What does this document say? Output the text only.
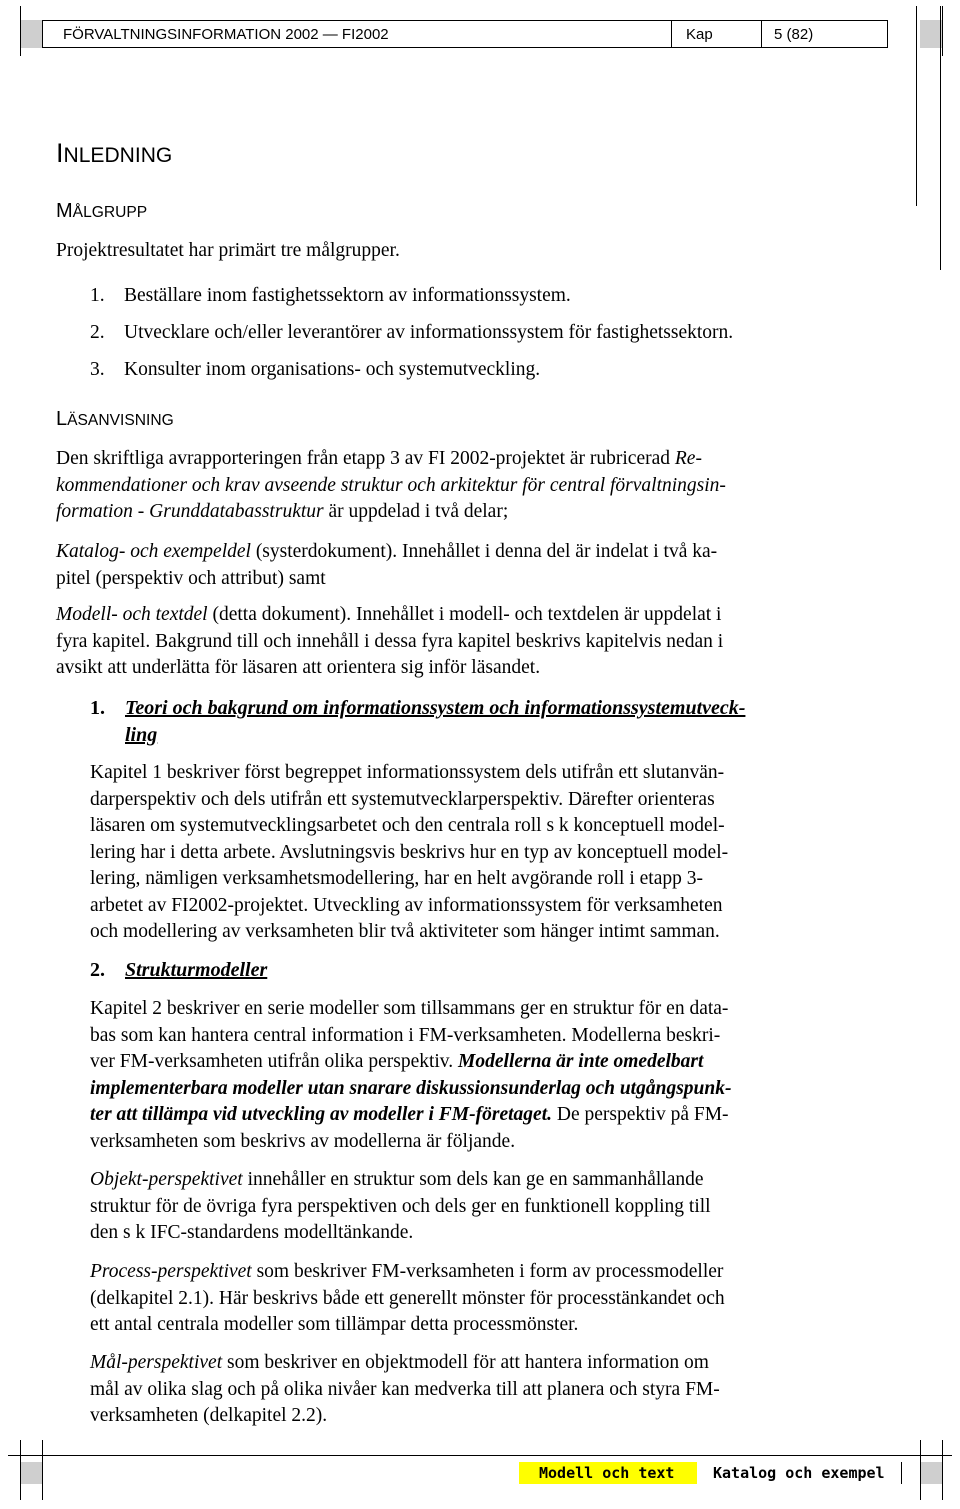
FÖRVALTNINGSINFORMATION 2002 — FI2002	Kap	5 (82)
INLEDNING
MÅLGRUPP
Projektresultatet har primärt tre målgrupper.
1. Beställare inom fastighetssektorn av informationssystem.
2. Utvecklare och/eller leverantörer av informationssystem för fastighetssektorn.
3. Konsulter inom organisations- och systemutveckling.
LÄSANVISNING
Den skriftliga avrapporteringen från etapp 3 av FI 2002-projektet är rubricerad Re-
kommendationer och krav avseende struktur och arkitektur för central förvaltningsin-
formation - Grunddatabasstruktur är uppdelad i två delar;
Katalog- och exempeldel (systerdokument). Innehållet i denna del är indelat i två ka-
pitel (perspektiv och attribut) samt
Modell- och textdel (detta dokument). Innehållet i modell- och textdelen är uppdelat i
fyra kapitel. Bakgrund till och innehåll i dessa fyra kapitel beskrivs kapitelvis nedan i
avsikt att underlätta för läsaren att orientera sig inför läsandet.
1. Teori och bakgrund om informationssystem och informationssystemutveck-
ling
Kapitel 1 beskriver först begreppet informationssystem dels utifrån ett slutanvän-
darperspektiv och dels utifrån ett systemutvecklarperspektiv. Därefter orienteras
läsaren om systemutvecklingsarbetet och den centrala roll s k konceptuell model-
lering har i detta arbete. Avslutningsvis beskrivs hur en typ av konceptuell model-
lering, nämligen verksamhetsmodellering, har en helt avgörande roll i etapp 3-
arbetet av FI2002-projektet. Utveckling av informationssystem för verksamheten
och modellering av verksamheten blir två aktiviteter som hänger intimt samman.
2. Strukturmodeller
Kapitel 2 beskriver en serie modeller som tillsammans ger en struktur för en data-
bas som kan hantera central information i FM-verksamheten. Modellerna beskri-
ver FM-verksamheten utifrån olika perspektiv. Modellerna är inte omedelbart
implementerbara modeller utan snarare diskussionsunderlag och utgångspunk-
ter att tillämpa vid utveckling av modeller i FM-företaget. De perspektiv på FM-
verksamheten som beskrivs av modellerna är följande.
Objekt-perspektivet innehåller en struktur som dels kan ge en sammanhållande
struktur för de övriga fyra perspektiven och dels ger en funktionell koppling till
den s k IFC-standardens modelltänkande.
Process-perspektivet som beskriver FM-verksamheten i form av processmodeller
(delkapitel 2.1). Här beskrivs både ett generellt mönster för processtänkandet och
ett antal centrala modeller som tillämpar detta processmönster.
Mål-perspektivet som beskriver en objektmodell för att hantera information om
mål av olika slag och på olika nivåer kan medverka till att planera och styra FM-
verksamheten (delkapitel 2.2).
Modell och text	Katalog och exempel
